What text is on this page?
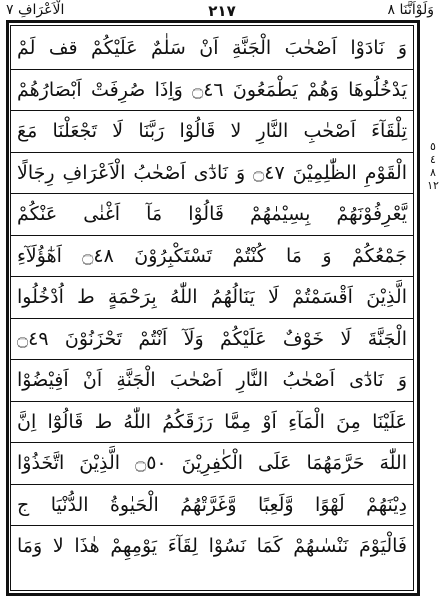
الْاَعْرَافِ ٧	٢١٧	وَلَوْاَنَّنَا ٨
وَ نَادَوْا اَصْحٰبَ الْجَنَّةِ اَنْ سَلٰمٌ عَلَيْكُمْ قف لَمْ
يَدْخُلُوهَا وَهُمْ يَطْمَعُونَ ۝٤٦ وَاِذَا صُرِفَتْ اَبْصَارُهُمْ
تِلْقَآءَ اَصْحٰبِ النَّارِ لا قَالُوْا رَبَّنَا لَا تَجْعَلْنَا مَعَ
الْقَوْمِ الظّٰلِمِيْنَ ۝٤٧ وَ نَادٰٓى اَصْحٰبُ الْاَعْرَافِ رِجَالًا
يَّعْرِفُوْنَهُمْ بِسِيْمٰهُمْ قَالُوْا مَآ اَغْنٰى عَنْكُمْ
جَمْعُكُمْ وَ مَا كُنْتُمْ تَسْتَكْبِرُوْنَ ۝٤٨ اَهٰٓؤُلَآءِ
الَّذِيْنَ اَقْسَمْتُمْ لَا يَنَالُهُمُ اللّٰهُ بِرَحْمَةٍ ط اُدْخُلُوا
الْجَنَّةَ لَا خَوْفٌ عَلَيْكُمْ وَلَآ اَنْتُمْ تَحْزَنُوْنَ ۝٤٩
وَ نَادٰٓى اَصْحٰبُ النَّارِ اَصْحٰبَ الْجَنَّةِ اَنْ اَفِيْضُوْا
عَلَيْنَا مِنَ الْمَآءِ اَوْ مِمَّا رَزَقَكُمُ اللّٰهُ ط قَالُوْٓا اِنَّ
اللّٰهَ حَرَّمَهُمَا عَلَى الْكٰفِرِيْنَ ۝٥٠ الَّذِيْنَ اتَّخَذُوْا
دِيْنَهُمْ لَهْوًا وَّلَعِبًا وَّغَرَّتْهُمُ الْحَيٰوةُ الدُّنْيَا ج
فَالْيَوْمَ نَنْسٰىهُمْ كَمَا نَسُوْا لِقَآءَ يَوْمِهِمْ هٰذَا لا وَمَا
٥
٤
٨
١٢
